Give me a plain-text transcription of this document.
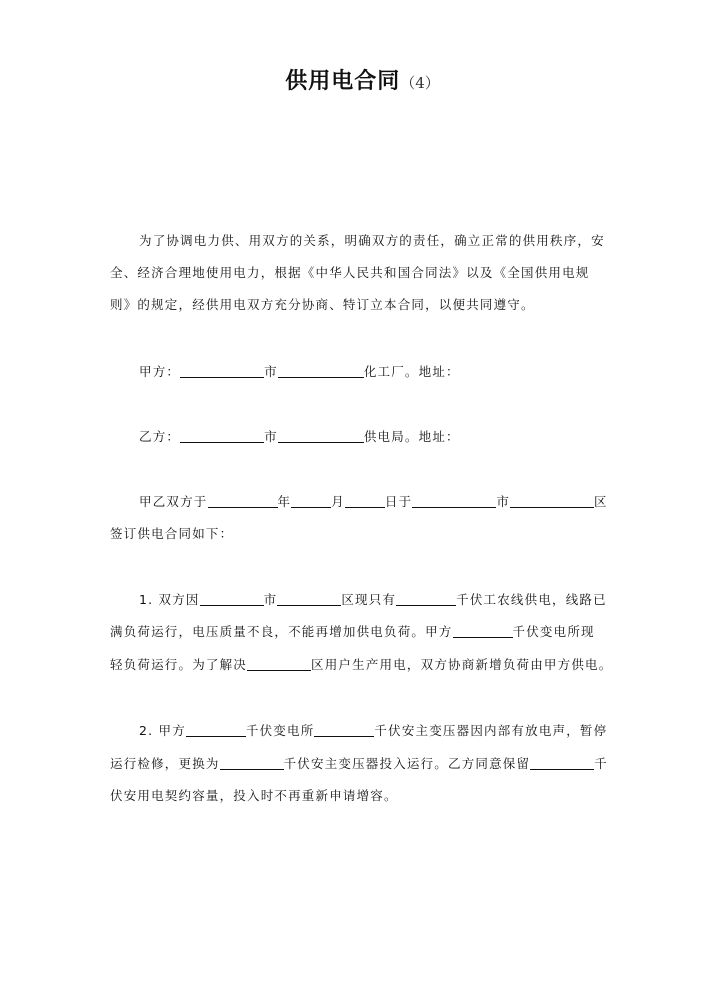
供用电合同（4）
为了协调电力供、用双方的关系，明确双方的责任，确立正常的供用秩序，安
全、经济合理地使用电力，根据《中华人民共和国合同法》以及《全国供用电规
则》的规定，经供用电双方充分协商、特订立本合同，以便共同遵守。
甲方：	市	化工厂。地址：
乙方：	市	供电局。地址：
甲乙双方于	年	月	日于	市	区
签订供电合同如下：
1. 双方因	市	区现只有	千伏工农线供电，线路已
满负荷运行，电压质量不良，不能再增加供电负荷。甲方	千伏变电所现
轻负荷运行。为了解决	区用户生产用电，双方协商新增负荷由甲方供电。
2. 甲方	千伏变电所	千伏安主变压器因内部有放电声，暂停
运行检修，更换为	千伏安主变压器投入运行。乙方同意保留	千
伏安用电契约容量，投入时不再重新申请增容。
